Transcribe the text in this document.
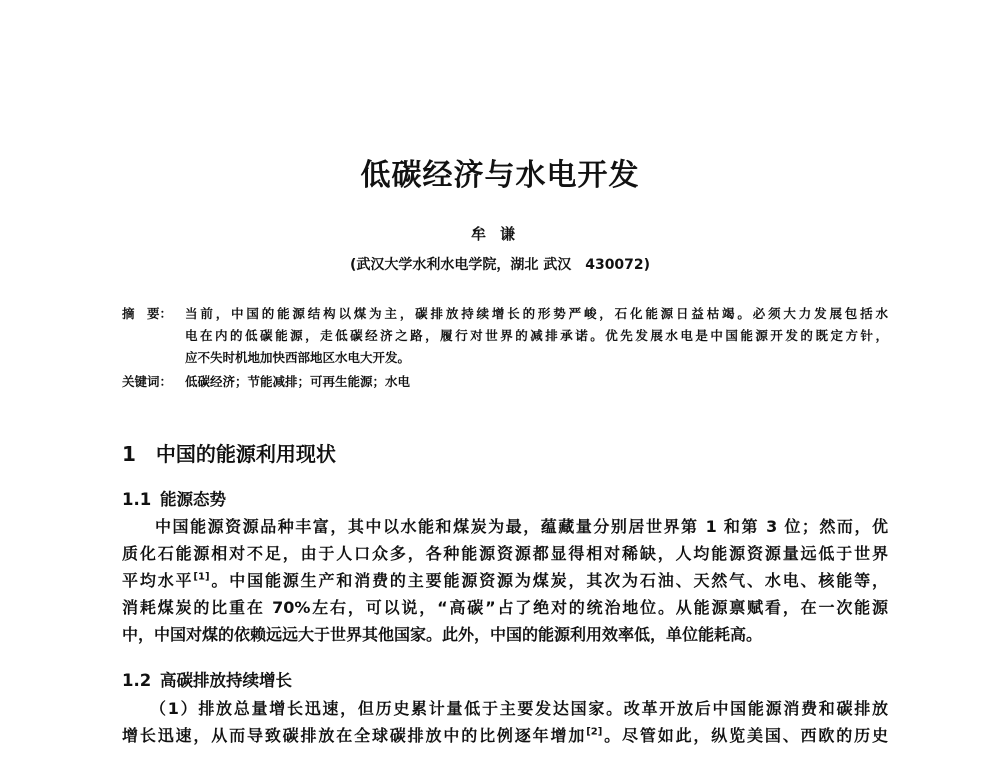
低碳经济与水电开发
牟谦
(武汉大学水利水电学院，湖北 武汉　430072)
摘　要： 当前，中国的能源结构以煤为主，碳排放持续增长的形势严峻，石化能源日益枯竭。必须大力发展包括水
电在内的低碳能源，走低碳经济之路，履行对世界的减排承诺。优先发展水电是中国能源开发的既定方针，
应不失时机地加快西部地区水电大开发。
关键词： 低碳经济；节能减排；可再生能源；水电
1　中国的能源利用现状
1.1 能源态势
中国能源资源品种丰富，其中以水能和煤炭为最，蕴藏量分别居世界第 1 和第 3 位；然而，优
质化石能源相对不足，由于人口众多，各种能源资源都显得相对稀缺，人均能源资源量远低于世界
平均水平[1]。中国能源生产和消费的主要能源资源为煤炭，其次为石油、天然气、水电、核能等，
消耗煤炭的比重在 70%左右，可以说，“高碳”占了绝对的统治地位。从能源禀赋看，在一次能源
中，中国对煤的依赖远远大于世界其他国家。此外，中国的能源利用效率低，单位能耗高。
1.2 高碳排放持续增长
（1）排放总量增长迅速，但历史累计量低于主要发达国家。改革开放后中国能源消费和碳排放
增长迅速，从而导致碳排放在全球碳排放中的比例逐年增加[2]。尽管如此，纵览美国、西欧的历史
